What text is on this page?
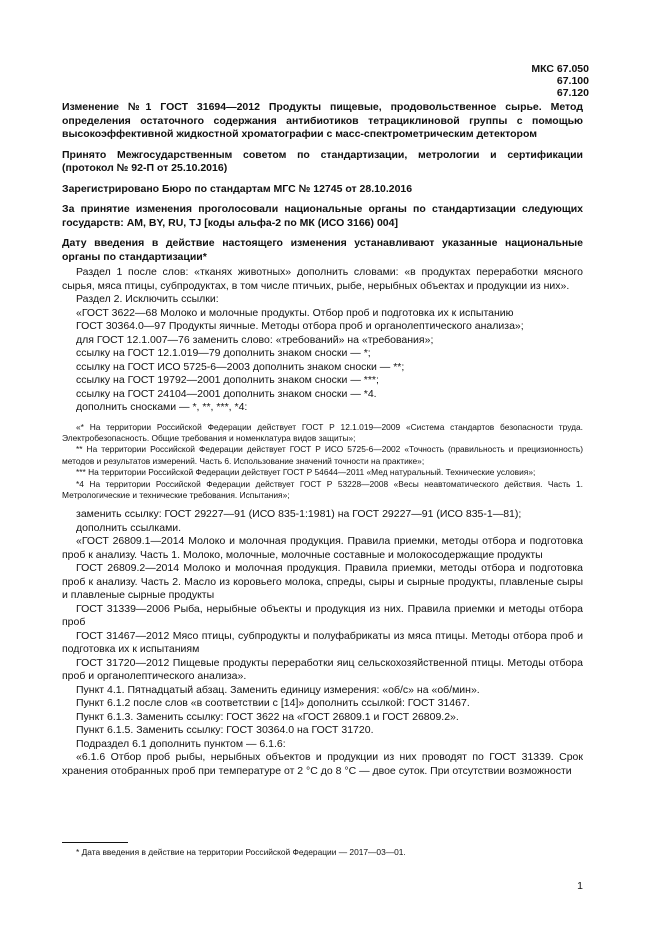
МКС 67.050
67.100
67.120

Изменение №1 ГОСТ 31694—2012 Продукты пищевые, продовольственное сырье. Метод определения остаточного содержания антибиотиков тетрациклиновой группы с помощью высокоэффективной жидкостной хроматографии с масс-спектрометрическим детектором

Принято Межгосударственным советом по стандартизации, метрологии и сертификации (протокол № 92-П от 25.10.2016)

Зарегистрировано Бюро по стандартам МГС № 12745 от 28.10.2016

За принятие изменения проголосовали национальные органы по стандартизации следующих государств: AM, BY, RU, TJ [коды альфа-2 по МК (ИСО 3166) 004]

Дату введения в действие настоящего изменения устанавливают указанные национальные органы по стандартизации*

Раздел 1 после слов: «тканях животных» дополнить словами: «в продуктах переработки мясного сырья, мяса птицы, субпродуктах, в том числе птичьих, рыбе, нерыбных объектах и продукции из них».

Раздел 2. Исключить ссылки:

«ГОСТ 3622—68 Молоко и молочные продукты. Отбор проб и подготовка их к испытанию

ГОСТ 30364.0—97 Продукты яичные. Методы отбора проб и органолептического анализа»;

для ГОСТ 12.1.007—76 заменить слово: «требований» на «требования»;

ссылку на ГОСТ 12.1.019—79 дополнить знаком сноски — *;

ссылку на ГОСТ ИСО 5725-6—2003 дополнить знаком сноски — **;

ссылку на ГОСТ 19792—2001 дополнить знаком сноски — ***;

ссылку на ГОСТ 24104—2001 дополнить знаком сноски — *4.

дополнить сносками — *, **, ***, *4:

«* На территории Российской Федерации действует ГОСТ Р 12.1.019—2009 «Система стандартов безопасности труда. Электробезопасность. Общие требования и номенклатура видов защиты»;

** На территории Российской Федерации действует ГОСТ Р ИСО 5725-6—2002 «Точность (правильность и прецизионность) методов и результатов измерений. Часть 6. Использование значений точности на практике»;

*** На территории Российской Федерации действует ГОСТ Р 54644—2011 «Мед натуральный. Технические условия»;

*4 На территории Российской Федерации действует ГОСТ Р 53228—2008 «Весы неавтоматического действия. Часть 1. Метрологические и технические требования. Испытания»;

заменить ссылку: ГОСТ 29227—91 (ИСО 835-1:1981) на ГОСТ 29227—91 (ИСО 835-1—81);

дополнить ссылками.

«ГОСТ 26809.1—2014 Молоко и молочная продукция. Правила приемки, методы отбора и подготовка проб к анализу. Часть 1. Молоко, молочные, молочные составные и молокосодержащие продукты

ГОСТ 26809.2—2014 Молоко и молочная продукция. Правила приемки, методы отбора и подготовка проб к анализу. Часть 2. Масло из коровьего молока, спреды, сыры и сырные продукты, плавленые сыры и плавленые сырные продукты

ГОСТ 31339—2006 Рыба, нерыбные объекты и продукция из них. Правила приемки и методы отбора проб

ГОСТ 31467—2012 Мясо птицы, субпродукты и полуфабрикаты из мяса птицы. Методы отбора проб и подготовка их к испытаниям

ГОСТ 31720—2012 Пищевые продукты переработки яиц сельскохозяйственной птицы. Методы отбора проб и органолептического анализа».

Пункт 4.1. Пятнадцатый абзац. Заменить единицу измерения: «об/с» на «об/мин».

Пункт 6.1.2 после слов «в соответствии с [14]» дополнить ссылкой: ГОСТ 31467.

Пункт 6.1.3. Заменить ссылку: ГОСТ 3622 на «ГОСТ 26809.1 и ГОСТ 26809.2».

Пункт 6.1.5. Заменить ссылку: ГОСТ 30364.0 на ГОСТ 31720.

Подраздел 6.1 дополнить пунктом — 6.1.6:

«6.1.6 Отбор проб рыбы, нерыбных объектов и продукции из них проводят по ГОСТ 31339. Срок хранения отобранных проб при температуре от 2 °С до 8 °С — двое суток. При отсутствии возможности

* Дата введения в действие на территории Российской Федерации — 2017—03—01.
1
